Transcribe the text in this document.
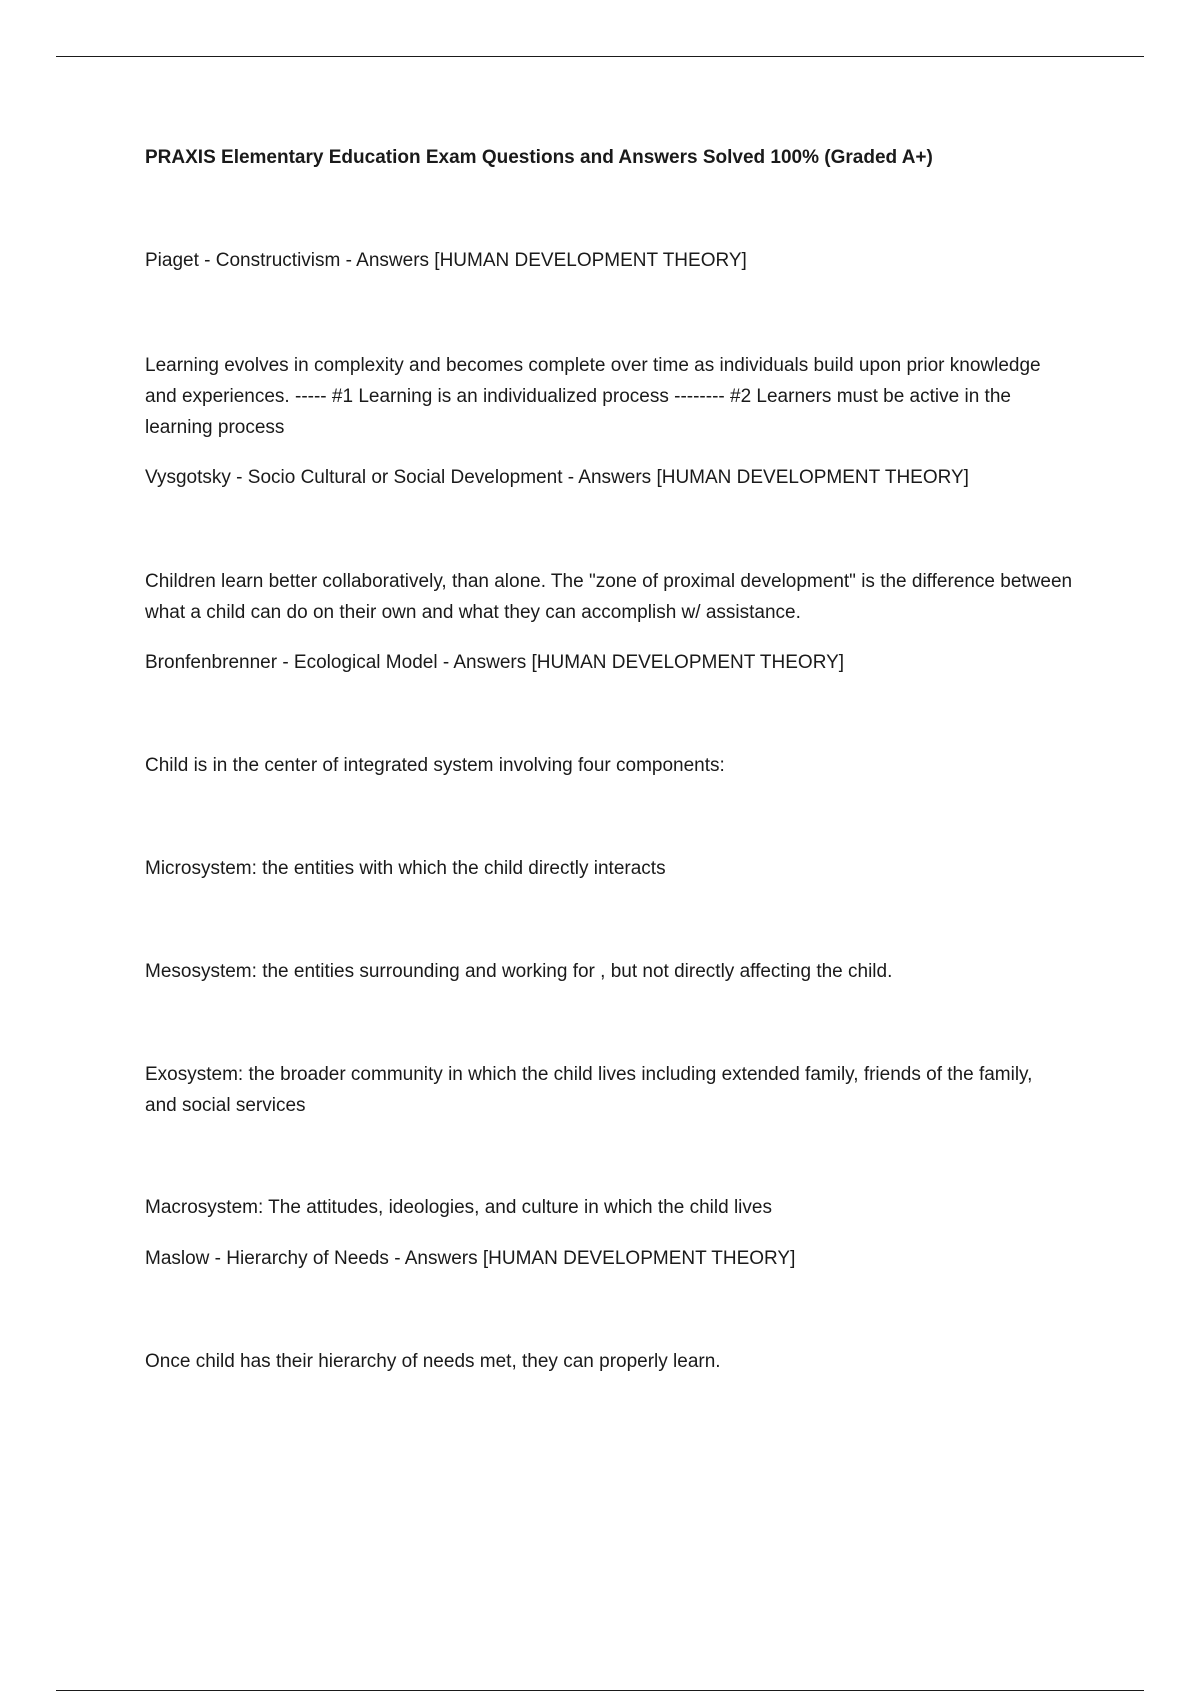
PRAXIS Elementary Education Exam Questions and Answers Solved 100% (Graded A+)
Piaget - Constructivism - Answers [HUMAN DEVELOPMENT THEORY]
Learning evolves in complexity and becomes complete over time as individuals build upon prior knowledge and experiences. ----- #1 Learning is an individualized process -------- #2 Learners must be active in the learning process
Vysgotsky - Socio Cultural or Social Development - Answers [HUMAN DEVELOPMENT THEORY]
Children learn better collaboratively, than alone. The "zone of proximal development" is the difference between what a child can do on their own and what they can accomplish w/ assistance.
Bronfenbrenner - Ecological Model - Answers [HUMAN DEVELOPMENT THEORY]
Child is in the center of integrated system involving four components:
Microsystem: the entities with which the child directly interacts
Mesosystem: the entities surrounding and working for , but not directly affecting the child.
Exosystem: the broader community in which the child lives including extended family, friends of the family, and social services
Macrosystem: The attitudes, ideologies, and culture in which the child lives
Maslow - Hierarchy of Needs - Answers [HUMAN DEVELOPMENT THEORY]
Once child has their hierarchy of needs met, they can properly learn.
